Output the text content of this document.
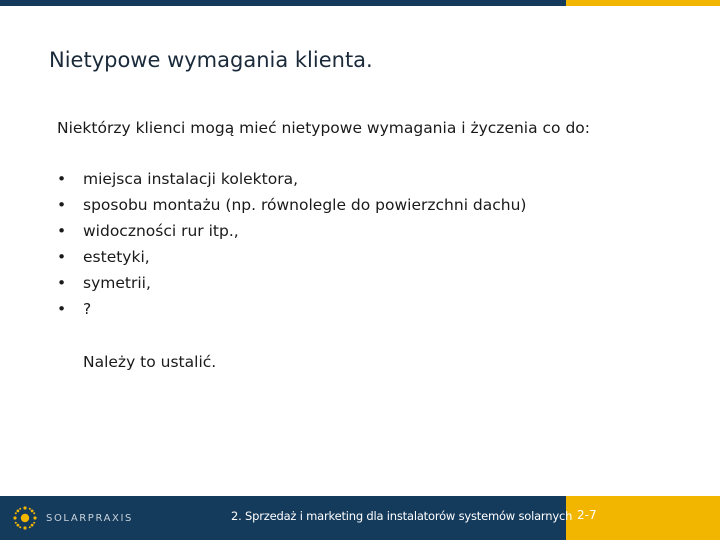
Nietypowe wymagania klienta.
Niektórzy klienci mogą mieć nietypowe wymagania i życzenia co do:
•	miejsca instalacji kolektora,
•	sposobu montażu (np. równolegle do powierzchni dachu)
•	widoczności rur itp.,
•	estetyki,
•	symetrii,
•	?
Należy to ustalić.
SOLARPRAXIS	2. Sprzedaż i marketing dla instalatorów systemów solarnych 2-7
